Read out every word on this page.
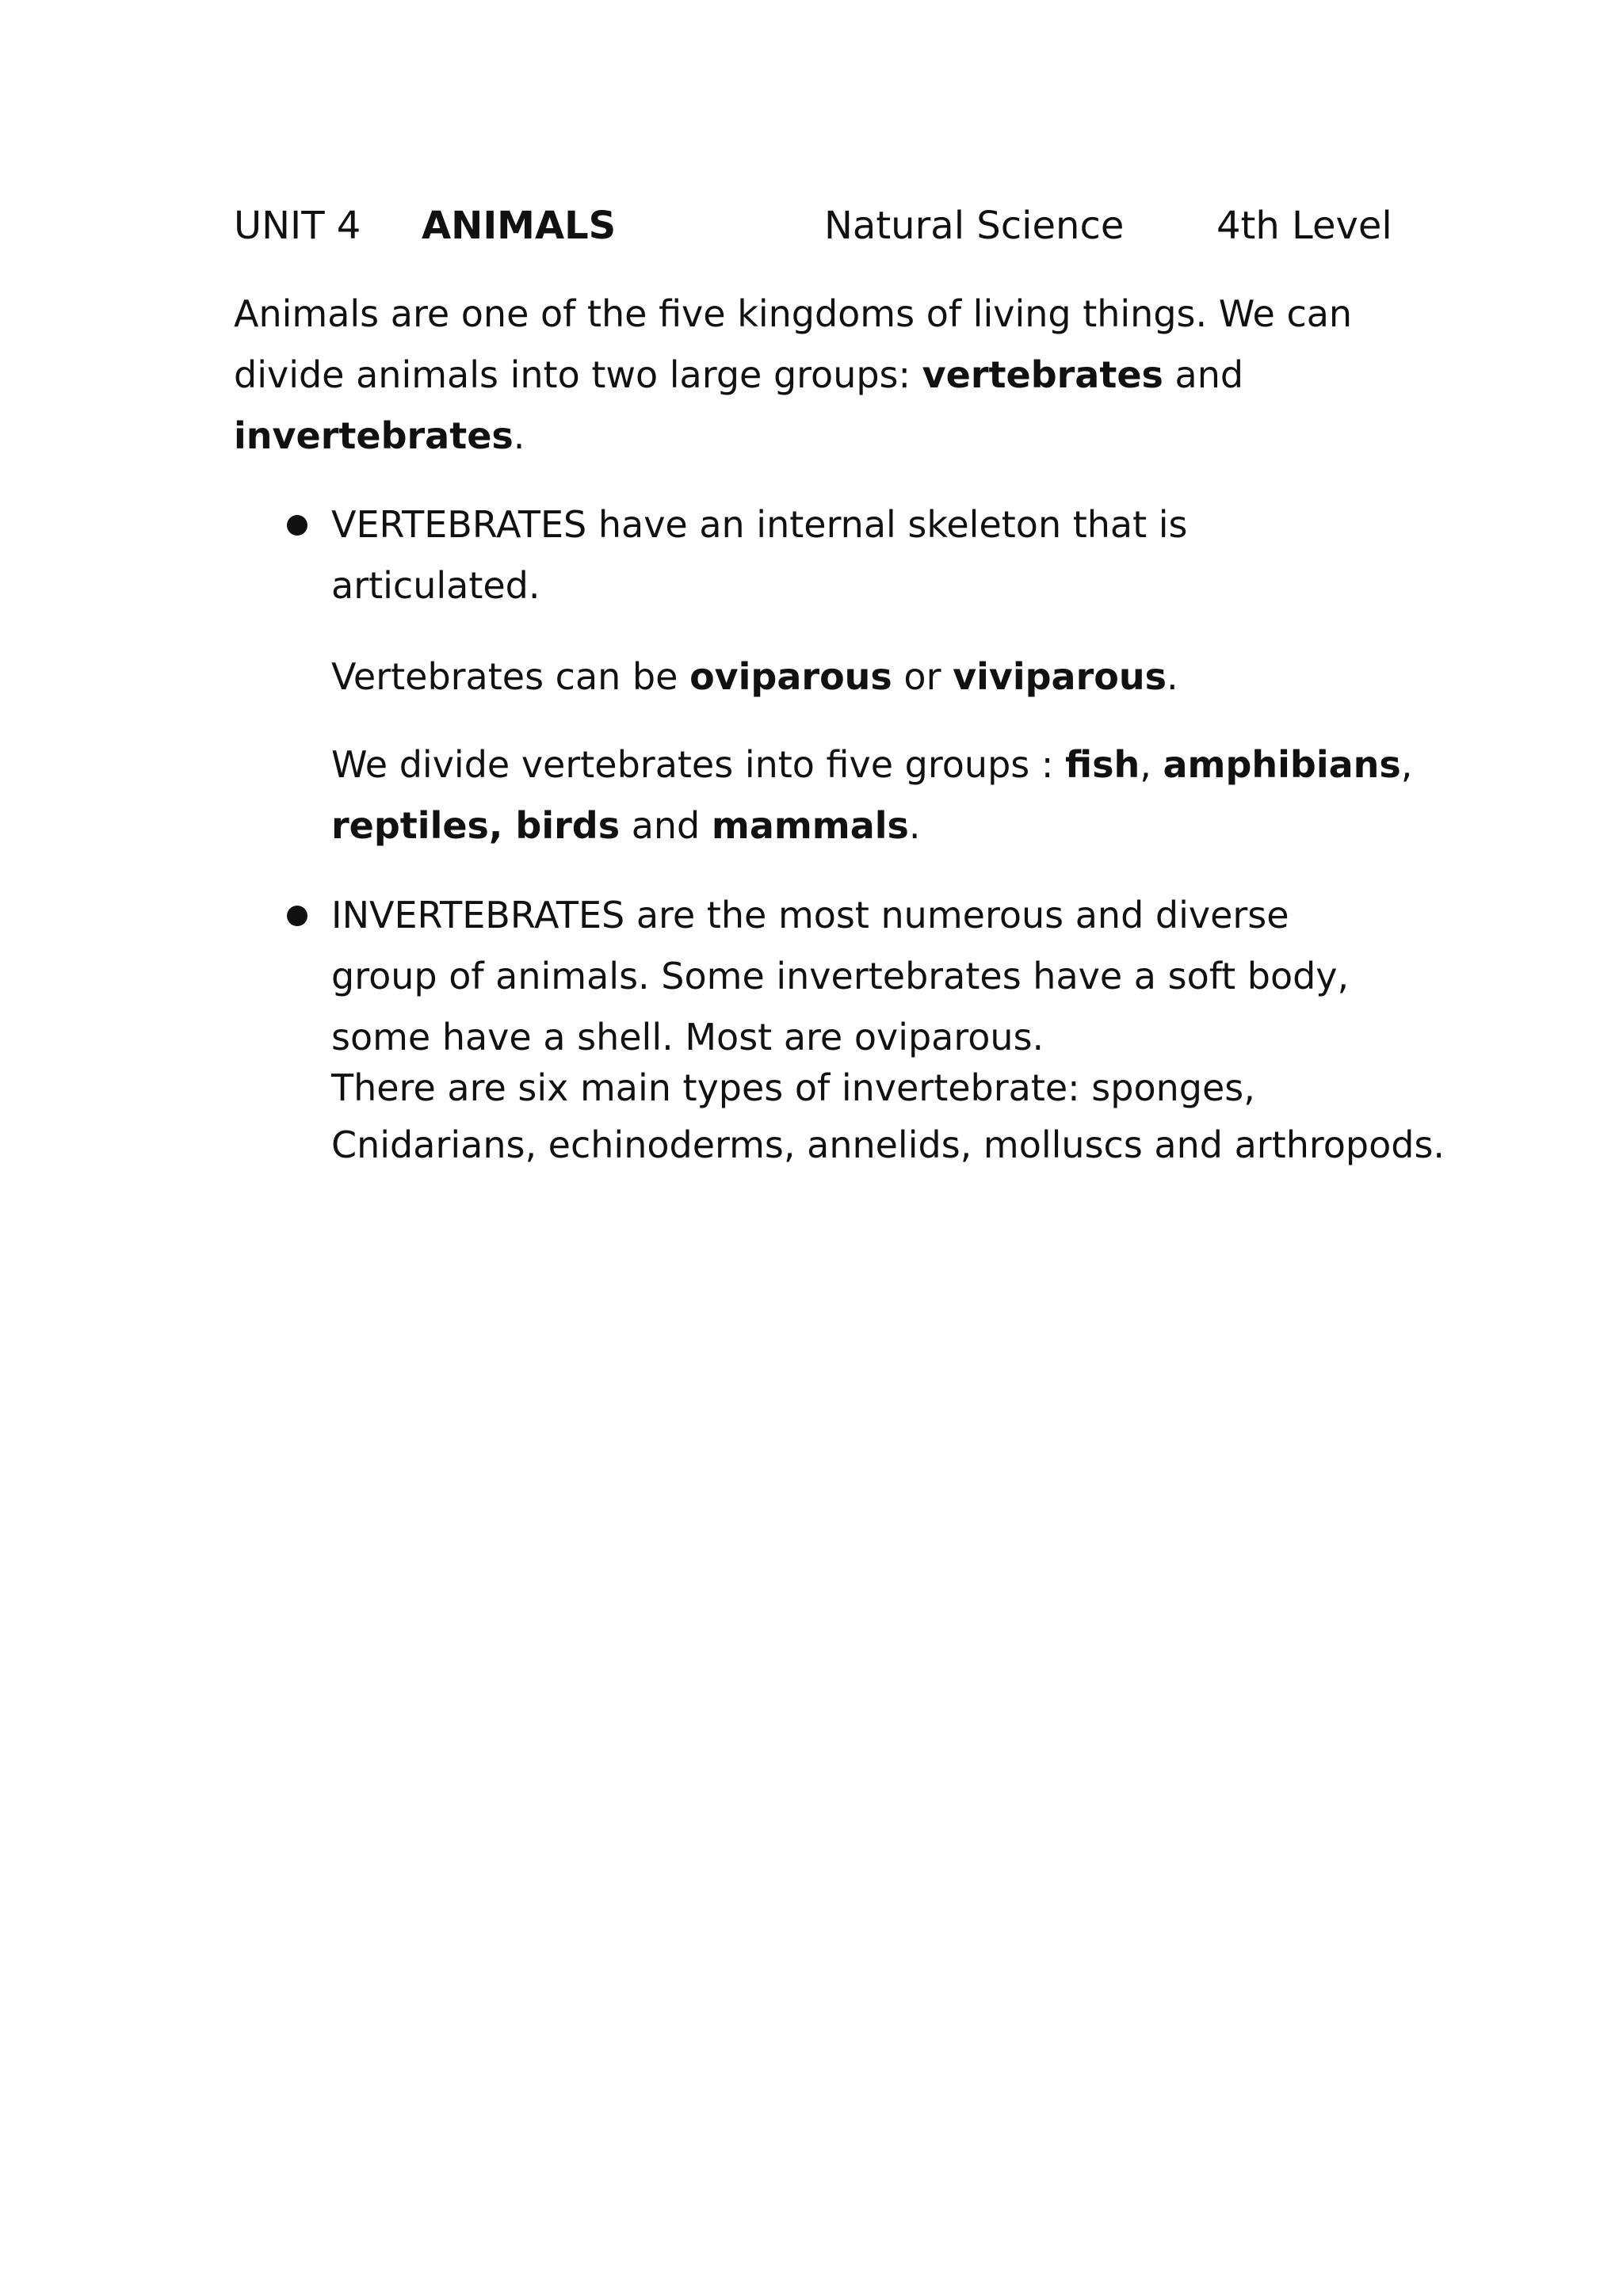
UNIT 4 ANIMALS	Natural Science 4th Level

Animals are one of the five kingdoms of living things. We can divide animals into two large groups: vertebrates and
invertebrates.

VERTEBRATES have an internal skeleton that is articulated.

Vertebrates can be oviparous or viviparous.

We divide vertebrates into five groups : fish, amphibians,
reptiles, birds and mammals.

INVERTEBRATES are the most numerous and diverse group of animals. Some invertebrates have a soft body, some have a shell. Most are oviparous.

There are six main types of invertebrate: sponges,
Cnidarians, echinoderms, annelids, molluscs and arthropods.
